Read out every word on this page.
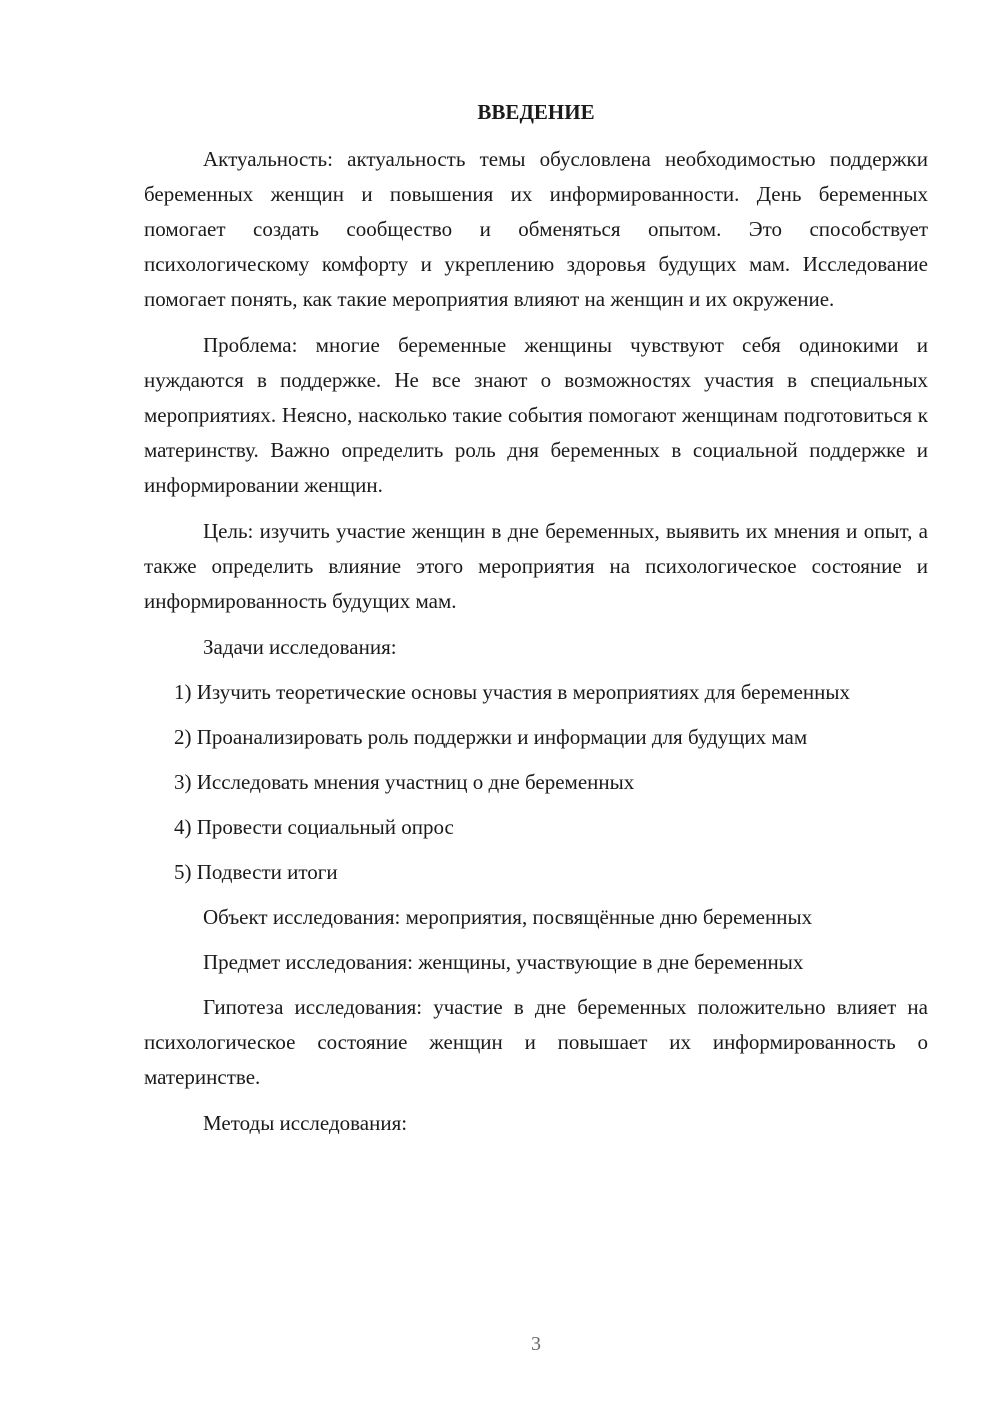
ВВЕДЕНИЕ

Актуальность: актуальность темы обусловлена необходимостью поддержки беременных женщин и повышения их информированности. День беременных помогает создать сообщество и обменяться опытом. Это способствует психологическому комфорту и укреплению здоровья будущих мам. Исследование помогает понять, как такие мероприятия влияют на женщин и их окружение.

Проблема: многие беременные женщины чувствуют себя одинокими и нуждаются в поддержке. Не все знают о возможностях участия в специальных мероприятиях. Неясно, насколько такие события помогают женщинам подготовиться к материнству. Важно определить роль дня беременных в социальной поддержке и информировании женщин.

Цель: изучить участие женщин в дне беременных, выявить их мнения и опыт, а также определить влияние этого мероприятия на психологическое состояние и информированность будущих мам.

Задачи исследования:

1) Изучить теоретические основы участия в мероприятиях для беременных

2) Проанализировать роль поддержки и информации для будущих мам

3) Исследовать мнения участниц о дне беременных
4) Провести социальный опрос
5) Подвести итоги
Объект исследования: мероприятия, посвящённые дню беременных
Предмет исследования: женщины, участвующие в дне беременных

Гипотеза исследования: участие в дне беременных положительно влияет на психологическое состояние женщин и повышает их информированность о материнстве.

Методы исследования:
3
